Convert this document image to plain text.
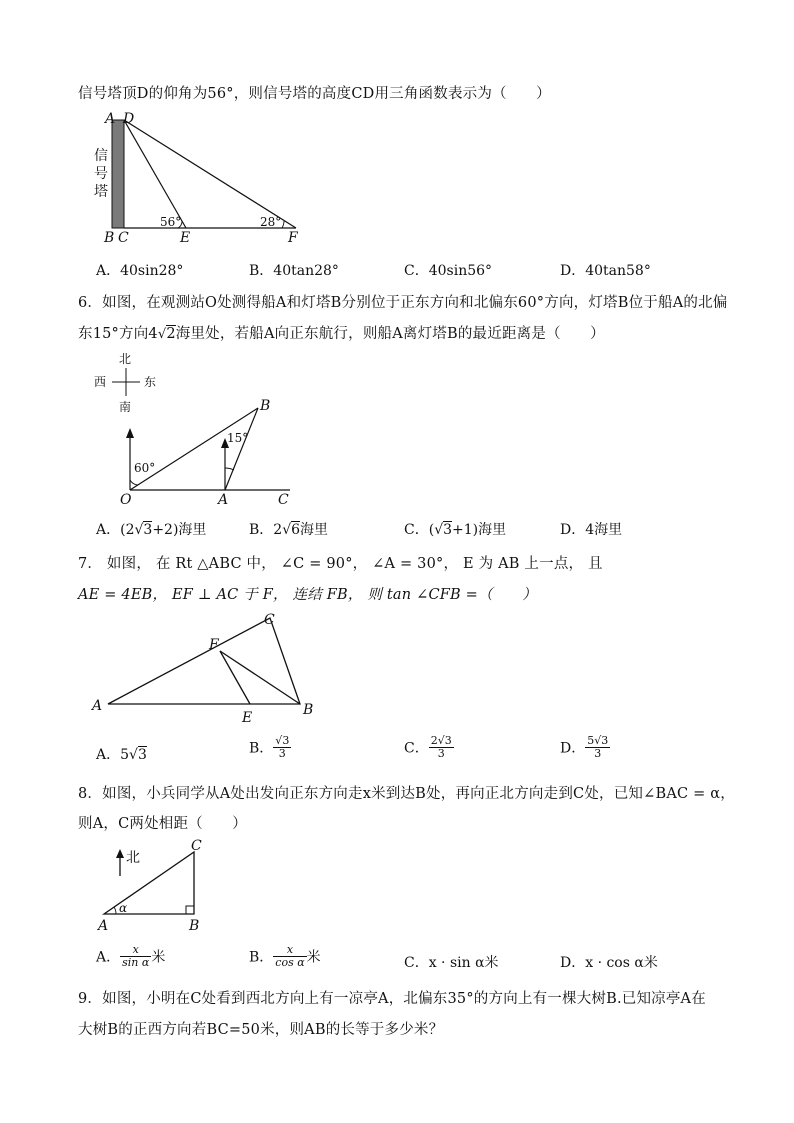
信号塔顶D的仰角为56°，则信号塔的高度CD用三角函数表示为（　　）
A D
B C	E	F
信
号
塔
56°	28°
A．40sin28°	B．40tan28°	C．40sin56°	D．40tan58°
6．如图，在观测站O处测得船A和灯塔B分别位于正东方向和北偏东60°方向，灯塔B位于船A的北偏
东15°方向4√2海里处，若船A向正东航行，则船A离灯塔B的最近距离是（　　）
北
西	东
南
60°
15°
B
O	A	C
A．(2√3+2)海里	B．2√6海里	C．(√3+1)海里	D．4海里
7． 如图， 在 Rt △ABC 中， ∠C = 90°， ∠A = 30°， E 为 AB 上一点， 且
AE = 4EB， EF ⊥ AC 于 F， 连结 FB， 则 tan ∠CFB =（　　）
A	B
C
E
F
A．5√3	B． $\frac{√3}{3}$	C． $\frac{2√3}{3}$	D． $\frac{5√3}{3}$
8．如图，小兵同学从A处出发向正东方向走x米到达B处，再向正北方向走到C处，已知∠BAC = α，
则A，C两处相距（　　）
北
α
A	B
C
A． $\frac{x}{\text{sin α}}$ 米	B． $\frac{x}{\text{cos α}}$ 米	C．x · sin α米	D．x · cos α米
9．如图，小明在C处看到西北方向上有一凉亭A，北偏东35°的方向上有一棵大树B.已知凉亭A在
大树B的正西方向若BC=50米，则AB的长等于多少米？
